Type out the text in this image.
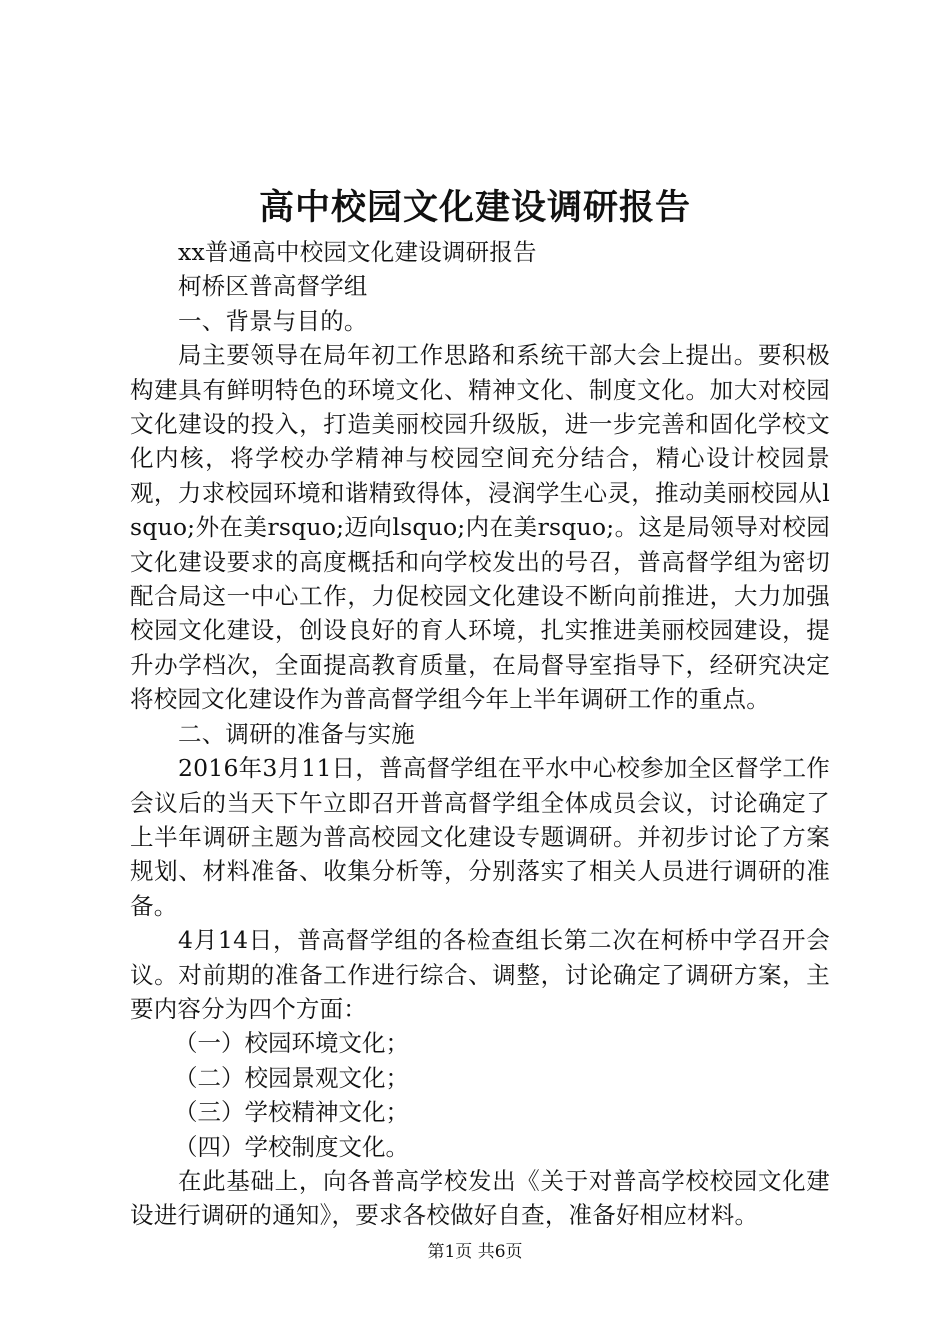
高中校园文化建设调研报告

xx普通高中校园文化建设调研报告

柯桥区普高督学组

一、背景与目的。

局主要领导在局年初工作思路和系统干部大会上提出。要积极构建具有鲜明特色的环境文化、精神文化、制度文化。加大对校园文化建设的投入，打造美丽校园升级版，进一步完善和固化学校文化内核，将学校办学精神与校园空间充分结合，精心设计校园景观，力求校园环境和谐精致得体，浸润学生心灵，推动美丽校园从lsquo;外在美rsquo;迈向lsquo;内在美rsquo;。这是局领导对校园文化建设要求的高度概括和向学校发出的号召，普高督学组为密切配合局这一中心工作，力促校园文化建设不断向前推进，大力加强校园文化建设，创设良好的育人环境，扎实推进美丽校园建设，提升办学档次，全面提高教育质量，在局督导室指导下，经研究决定将校园文化建设作为普高督学组今年上半年调研工作的重点。

二、调研的准备与实施

2016年3月11日，普高督学组在平水中心校参加全区督学工作会议后的当天下午立即召开普高督学组全体成员会议，讨论确定了上半年调研主题为普高校园文化建设专题调研。并初步讨论了方案规划、材料准备、收集分析等，分别落实了相关人员进行调研的准备。

4月14日，普高督学组的各检查组长第二次在柯桥中学召开会议。对前期的准备工作进行综合、调整，讨论确定了调研方案，主要内容分为四个方面：

（一）校园环境文化；

（二）校园景观文化；

（三）学校精神文化；

（四）学校制度文化。

在此基础上，向各普高学校发出《关于对普高学校校园文化建设进行调研的通知》，要求各校做好自查，准备好相应材料。

第1页 共6页
